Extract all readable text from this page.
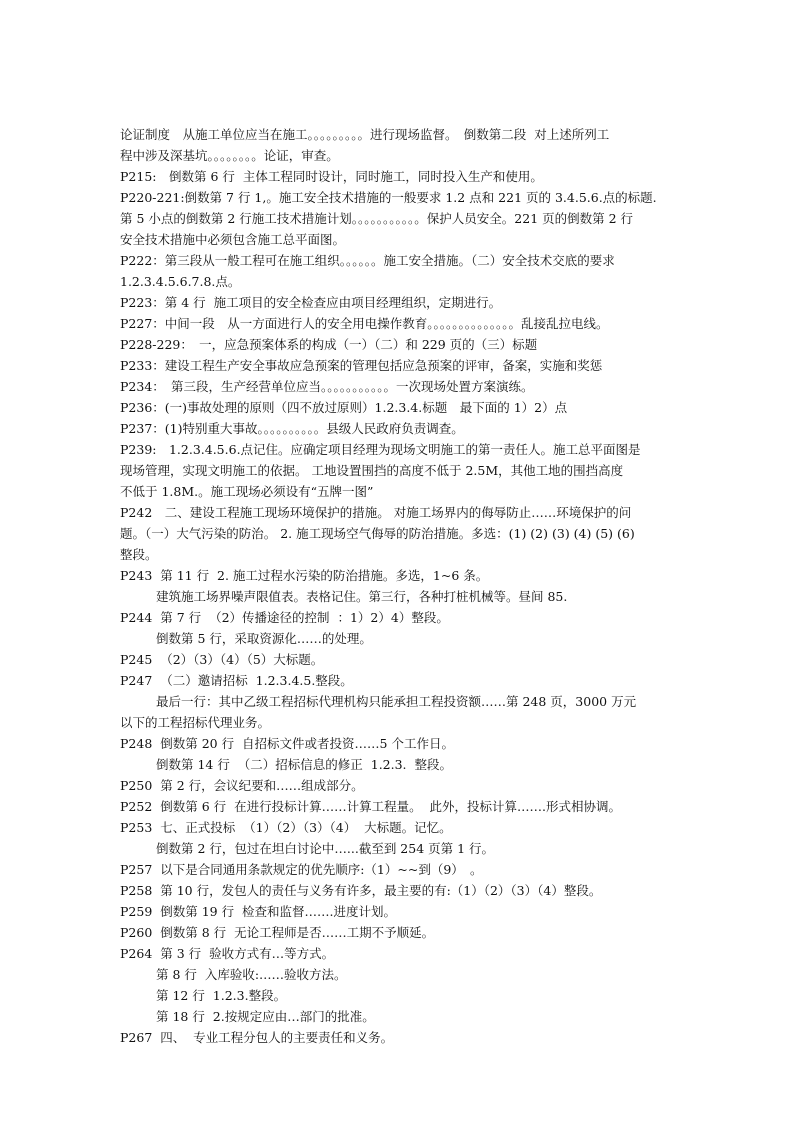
论证制度　从施工单位应当在施工。。。。。。。。。进行现场监督。　倒数第二段  对上述所列工

程中涉及深基坑。。。。。。。。论证，审查。

P215:　倒数第 6 行  主体工程同时设计，同时施工，同时投入生产和使用。

P220-221:倒数第 7 行 1,。施工安全技术措施的一般要求 1.2 点和 221 页的 3.4.5.6.点的标题.

第 5 小点的倒数第 2 行施工技术措施计划。。。。。。。。。。。保护人员安全。221 页的倒数第 2 行

安全技术措施中必须包含施工总平面图。

P222：第三段从一般工程可在施工组织。。。。。。施工安全措施。（二）安全技术交底的要求

1.2.3.4.5.6.7.8.点。

P223：第 4 行  施工项目的安全检查应由项目经理组织，定期进行。

P227：中间一段　从一方面进行人的安全用电操作教育。。。。。。。。。。。。。。乱接乱拉电线。

P228-229：　一，应急预案体系的构成（一）（二）和 229 页的（三）标题

P233：建设工程生产安全事故应急预案的管理包括应急预案的评审，备案，实施和奖惩

P234：　第三段，生产经营单位应当。。。。。。。。。。。一次现场处置方案演练。

P236：(一)事故处理的原则（四不放过原则）1.2.3.4.标题　最下面的 1）2）点

P237：(1)特别重大事故。。。。。。。。。。县级人民政府负责调查。

P239:　1.2.3.4.5.6.点记住。应确定项目经理为现场文明施工的第一责任人。施工总平面图是

现场管理，实现文明施工的依据。 工地设置围挡的高度不低于 2.5M，其他工地的围挡高度

不低于 1.8M.。施工现场必须设有“五牌一图”

P242　二、建设工程施工现场环境保护的措施。 对施工场界内的侮辱防止……环境保护的问

题。（一）大气污染的防治。 2. 施工现场空气侮辱的防治措施。多选：(1) (2) (3) (4) (5) (6)

整段。

P243  第 11 行  2. 施工过程水污染的防治措施。多选，1~6 条。

建筑施工场界噪声限值表。表格记住。第三行，各种打桩机械等。昼间 85.

P244  第 7 行  （2）传播途径的控制  ：1）2）4）整段。

倒数第 5 行，采取资源化……的处理。

P245  （2）（3）（4）（5）大标题。

P247  （二）邀请招标  1.2.3.4.5.整段。

最后一行：其中乙级工程招标代理机构只能承担工程投资额……第 248 页，3000 万元

以下的工程招标代理业务。

P248  倒数第 20 行  自招标文件或者投资……5 个工作日。

倒数第 14 行  （二）招标信息的修正  1.2.3.  整段。

P250  第 2 行，会议纪要和……组成部分。

P252  倒数第 6 行  在进行投标计算……计算工程量。  此外，投标计算…….形式相协调。

P253  七、正式投标  （1）（2）（3）（4）  大标题。记忆。

倒数第 2 行，包过在坦白讨论中…...截至到 254 页第 1 行。

P257  以下是合同通用条款规定的优先顺序:（1）~~到（9）　。

P258  第 10 行，发包人的责任与义务有许多，最主要的有:（1）（2）（3）（4）整段。

P259  倒数第 19 行  检查和监督…….进度计划。

P260  倒数第 8 行  无论工程师是否……工期不予顺延。

P264  第 3 行  验收方式有…等方式。

第 8 行  入库验收:……验收方法。

第 12 行  1.2.3.整段。

第 18 行  2.按规定应由…部门的批准。

P267  四、  专业工程分包人的主要责任和义务。
